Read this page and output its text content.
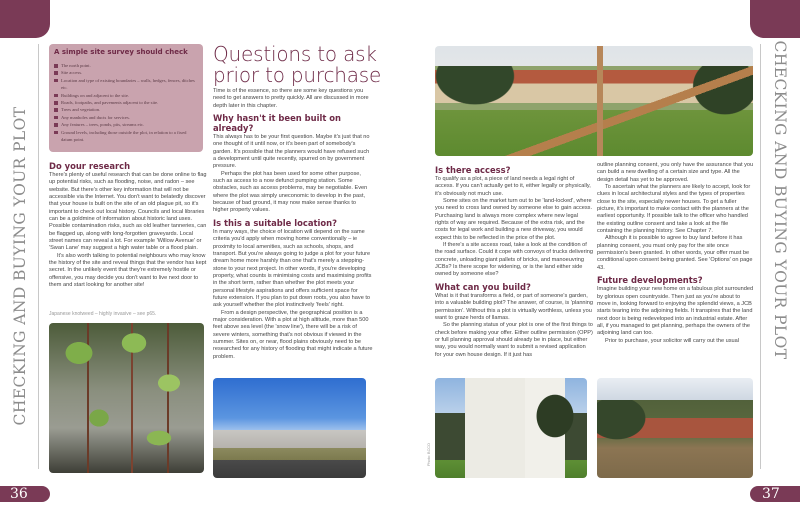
CHECKING AND BUYING YOUR PLOT	CHECKING AND BUYING YOUR PLOT
36	37
A simple site survey should check
The north point.
Site access.
Location and type of existing boundaries – walls, hedges, fences, ditches etc.
Buildings on and adjacent to the site.
Roads, footpaths, and pavements adjacent to the site.
Trees and vegetation.
Any manholes and ducts for services.
Any features – trees, ponds, pits, streams etc.
Ground levels, including those outside the plot, in relation to a fixed datum point.
Do your research

There's plenty of useful research that can be done online to flag up potential risks, such as flooding, noise, and radon – see website. But there's other key information that will not be accessible via the Internet. You don't want to belatedly discover that your house is built on the site of an old plague pit, so it's important to check out local history. Councils and local libraries can be a goldmine of information about historic land uses. Possible contamination risks, such as old leather tanneries, can be flagged up, along with long-forgotten graveyards. Local street names can reveal a lot. For example 'Willow Avenue' or 'Swan Lane' may suggest a high water table or a flood plain.

It's also worth talking to potential neighbours who may know the history of the site and reveal things that the vendor has kept secret. In the unlikely event that they're extremely hostile or offensive, you may decide you don't want to live next door to them and start looking for another site!

Japanese knotweed – highly invasive – see p65.
Questions to ask prior to purchase

Time is of the essence, so there are some key questions you need to get answers to pretty quickly. All are discussed in more depth later in this chapter.

Why hasn't it been built on already?

This always has to be your first question. Maybe it's just that no one thought of it until now, or it's been part of somebody's garden. It's possible that the planners would have refused such a development until quite recently, spurred on by government pressure.

Perhaps the plot has been used for some other purpose, such as access to a now defunct pumping station. Some obstacles, such as access problems, may be negotiable. Even where the plot was simply uneconomic to develop in the past, because of bad ground, it may now make sense thanks to higher property values.

Is this a suitable location?

In many ways, the choice of location will depend on the same criteria you'd apply when moving home conventionally – ie proximity to local amenities, such as schools, shops, and transport. But you're always going to judge a plot for your future dream home more harshly than one that's merely a stepping-stone to your next project. In other words, if you're developing property, what counts is minimising costs and maximising profits in the short term, rather than whether the plot meets your personal lifestyle aspirations and offers sufficient space for future extension. If you plan to put down roots, you also have to ask yourself whether the plot instinctively 'feels' right.

From a design perspective, the geographical position is a major consideration. With a plot at high altitude, more than 500 feet above sea level (the 'snow line'), there will be a risk of severe winters, something that's not obvious if viewed in the summer. Sites on, or near, flood plains obviously need to be researched for any history of flooding that might indicate a future problem.

Is there access?

To qualify as a plot, a piece of land needs a legal right of access. If you can't actually get to it, either legally or physically, it's obviously not much use.

Some sites on the market turn out to be 'land-locked', where you need to cross land owned by someone else to gain access. Purchasing land is always more complex where new legal rights of way are required. Because of the extra risk, and the costs for legal work and building a new driveway, you would expect this to be reflected in the price of the plot.

If there's a site access road, take a look at the condition of the road surface. Could it cope with convoys of trucks delivering concrete, unloading giant pallets of bricks, and manoeuvring JCBs? Is there scope for widening, or is the land either side owned by someone else?

What can you build?

What is it that transforms a field, or part of someone's garden, into a valuable building plot? The answer, of course, is 'planning permission'. Without this a plot is virtually worthless, unless you want to graze herds of llamas.

So the planning status of your plot is one of the first things to check before making your offer. Either outline permission (OPP) or full planning approval should already be in place, but either way, you would normally want to submit a revised application for your own house design. If it just has

Photo: BCCO

outline planning consent, you only have the assurance that you can build a new dwelling of a certain size and type. All the design detail has yet to be approved.

To ascertain what the planners are likely to accept, look for clues in local architectural styles and the types of properties close to the site, especially newer houses. To get a fuller picture, it's important to make contact with the planners at the earliest opportunity. If possible talk to the officer who handled the existing outline consent and take a look at the file containing the planning history. See Chapter 7.

Although it is possible to agree to buy land before it has planning consent, you must only pay for the site once permission's been granted. In other words, your offer must be conditional upon consent being granted. See 'Options' on page 43.

Future developments?

Imagine building your new home on a fabulous plot surrounded by glorious open countryside. Then just as you're about to move in, looking forward to enjoying the splendid views, a JCB starts tearing into the adjoining fields. It transpires that the land next door is being redeveloped into an industrial estate. After all, if you managed to get planning, perhaps the owners of the adjoining land can too.

Prior to purchase, your solicitor will carry out the usual
